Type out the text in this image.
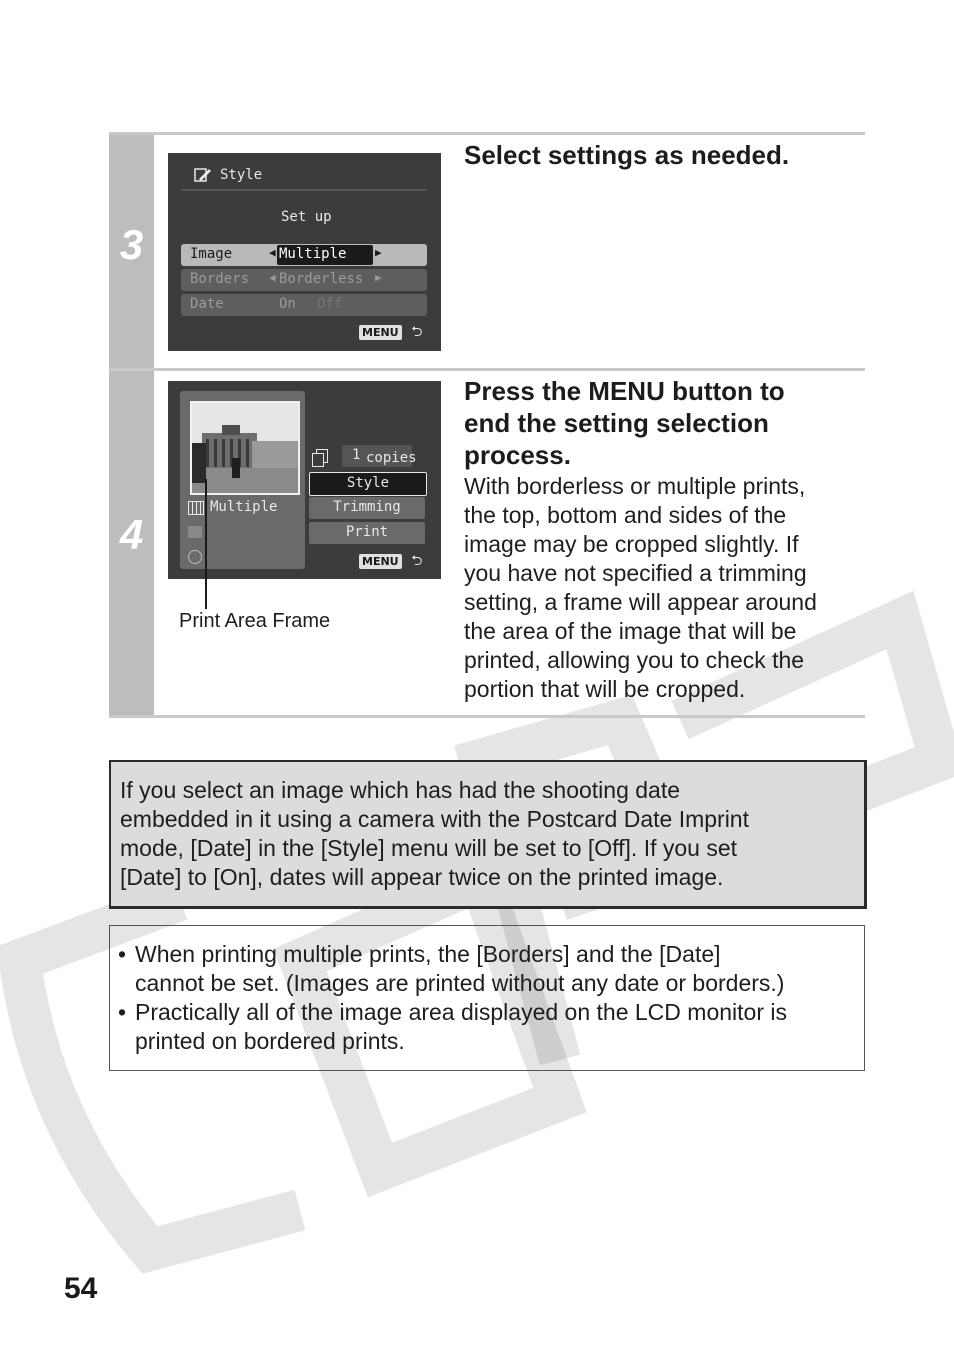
3
Style
Set up
Image	◀ Multiple	▶
Borders ◀ Borderless ▶
Date	On Off
MENU ⮌
Select settings as needed.
4
1 copies
Style
Trimming
Print
Multiple
MENU ⮌
Print Area Frame
Press the MENU button to
end the setting selection
process.
With borderless or multiple prints,
the top, bottom and sides of the
image may be cropped slightly. If
you have not specified a trimming
setting, a frame will appear around
the area of the image that will be
printed, allowing you to check the
portion that will be cropped.
If you select an image which has had the shooting date
embedded in it using a camera with the Postcard Date Imprint
mode, [Date] in the [Style] menu will be set to [Off]. If you set
[Date] to [On], dates will appear twice on the printed image.
• When printing multiple prints, the [Borders] and the [Date]
cannot be set. (Images are printed without any date or borders.)
• Practically all of the image area displayed on the LCD monitor is
printed on bordered prints.
54
